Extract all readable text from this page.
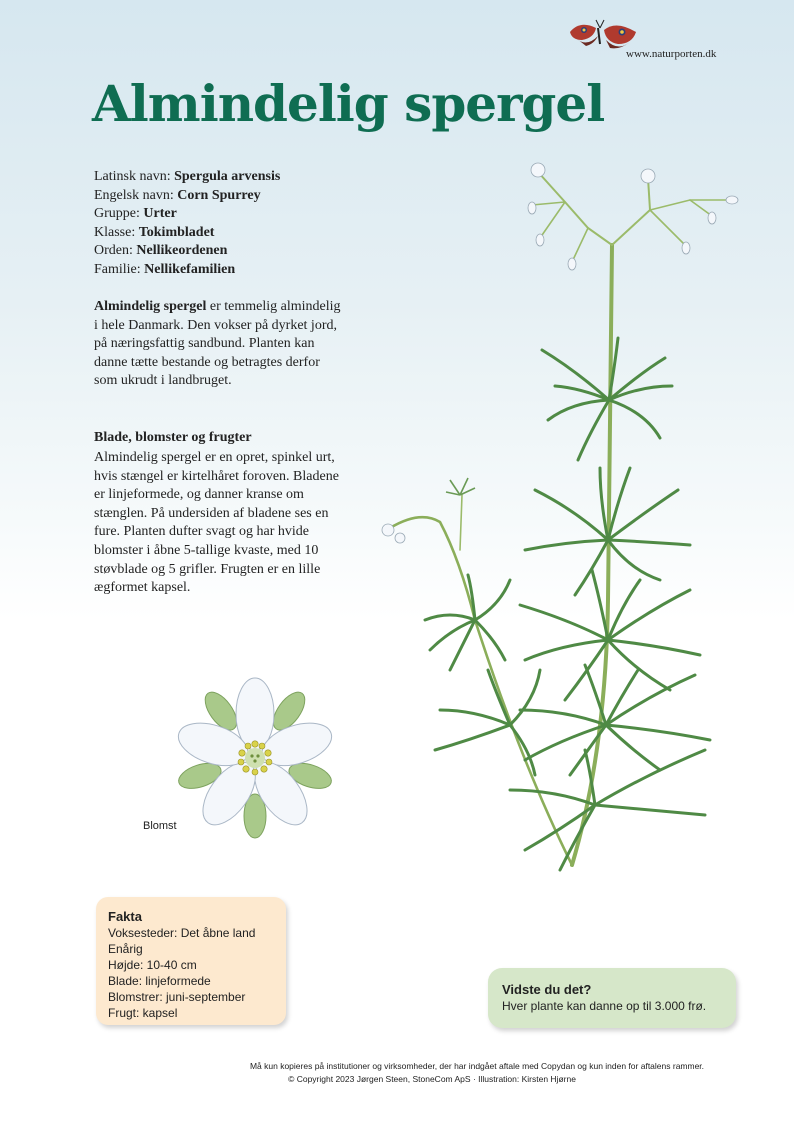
www.naturporten.dk
Almindelig spergel
Latinsk navn: Spergula arvensis
Engelsk navn: Corn Spurrey
Gruppe: Urter
Klasse: Tokimbladet
Orden: Nellikeordenen
Familie: Nellikefamilien
Almindelig spergel er temmelig almindelig i hele Danmark. Den vokser på dyrket jord, på næringsfattig sandbund. Planten kan danne tætte bestande og betragtes derfor som ukrudt i landbruget.
Blade, blomster og frugter
Almindelig spergel er en opret, spinkel urt, hvis stængel er kirtelhåret foroven. Bladene er linjeformede, og danner kranse om stænglen. På undersiden af bladene ses en fure. Planten dufter svagt og har hvide blomster i åbne 5-tallige kvaste, med 10 støvblade og 5 grifler. Frugten er en lille ægformet kapsel.
Blomst
Fakta
Voksesteder: Det åbne land
Enårig
Højde: 10-40 cm
Blade: linjeformede
Blomstrer: juni-september
Frugt: kapsel
Vidste du det?
Hver plante kan danne op til 3.000 frø.
Må kun kopieres på institutioner og virksomheder, der har indgået aftale med Copydan og kun inden for aftalens rammer.
© Copyright 2023 Jørgen Steen, StoneCom ApS · Illustration: Kirsten Hjørne
